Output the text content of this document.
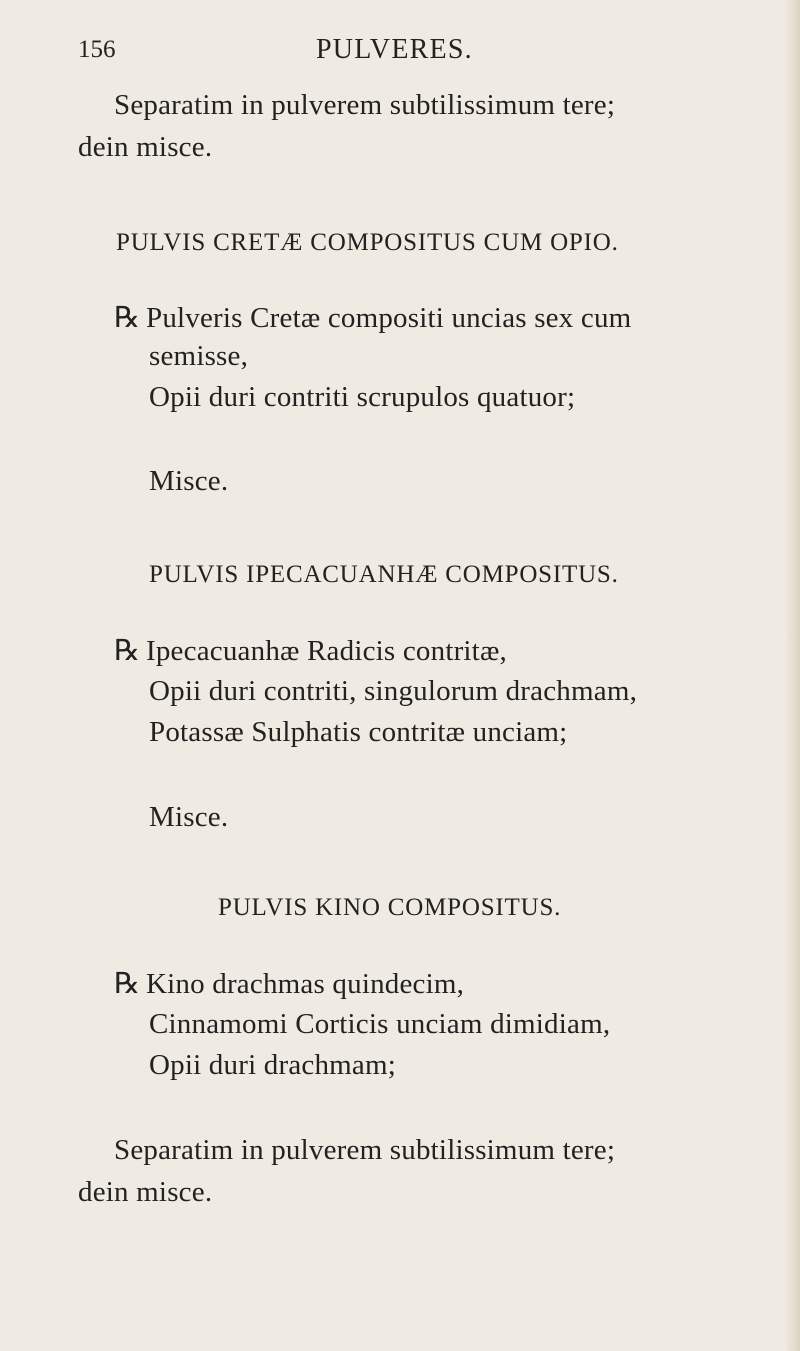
156	PULVERES.
Separatim in pulverem subtilissimum tere;
dein misce.
PULVIS CRETÆ COMPOSITUS CUM OPIO.
℞ Pulveris Cretæ compositi uncias sex cum
semisse,
Opii duri contriti scrupulos quatuor;
Misce.
PULVIS IPECACUANHÆ COMPOSITUS.
℞ Ipecacuanhæ Radicis contritæ,
Opii duri contriti, singulorum drachmam,
Potassæ Sulphatis contritæ unciam;
Misce.
PULVIS KINO COMPOSITUS.
℞ Kino drachmas quindecim,
Cinnamomi Corticis unciam dimidiam,
Opii duri drachmam;
Separatim in pulverem subtilissimum tere;
dein misce.
